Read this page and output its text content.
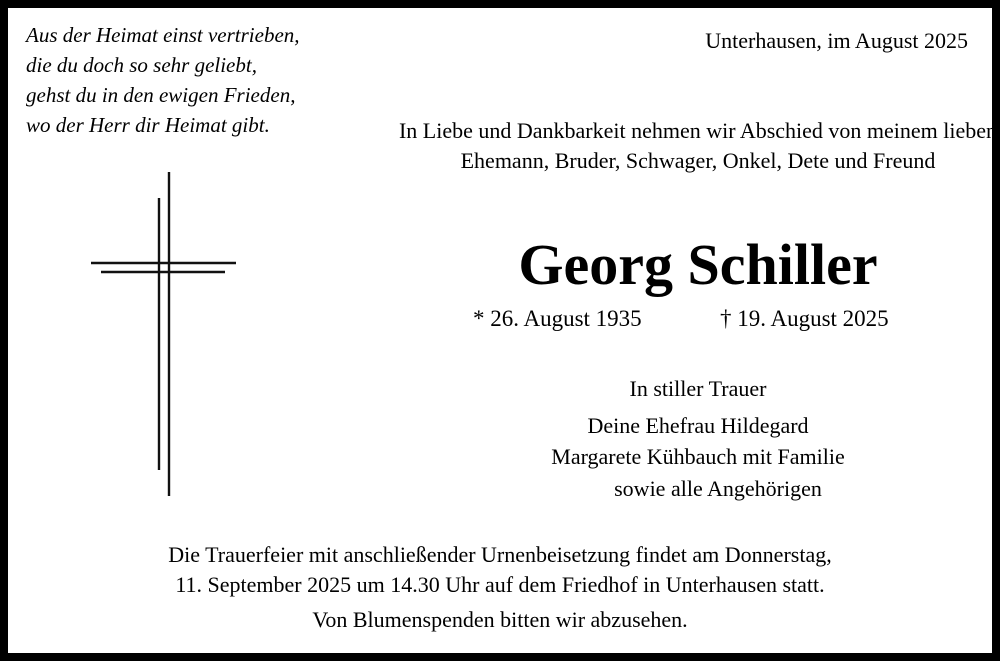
Aus der Heimat einst vertrieben,
die du doch so sehr geliebt,
gehst du in den ewigen Frieden,
wo der Herr dir Heimat gibt.
Unterhausen, im August 2025
In Liebe und Dankbarkeit nehmen wir Abschied von meinem lieben Ehemann, Bruder, Schwager, Onkel, Dete und Freund
Georg Schiller
* 26. August 1935	† 19. August 2025
In stiller Trauer
Deine Ehefrau Hildegard
Margarete Kühbauch mit Familie
sowie alle Angehörigen
Die Trauerfeier mit anschließender Urnenbeisetzung findet am Donnerstag,
11. September 2025 um 14.30 Uhr auf dem Friedhof in Unterhausen statt.
Von Blumenspenden bitten wir abzusehen.
